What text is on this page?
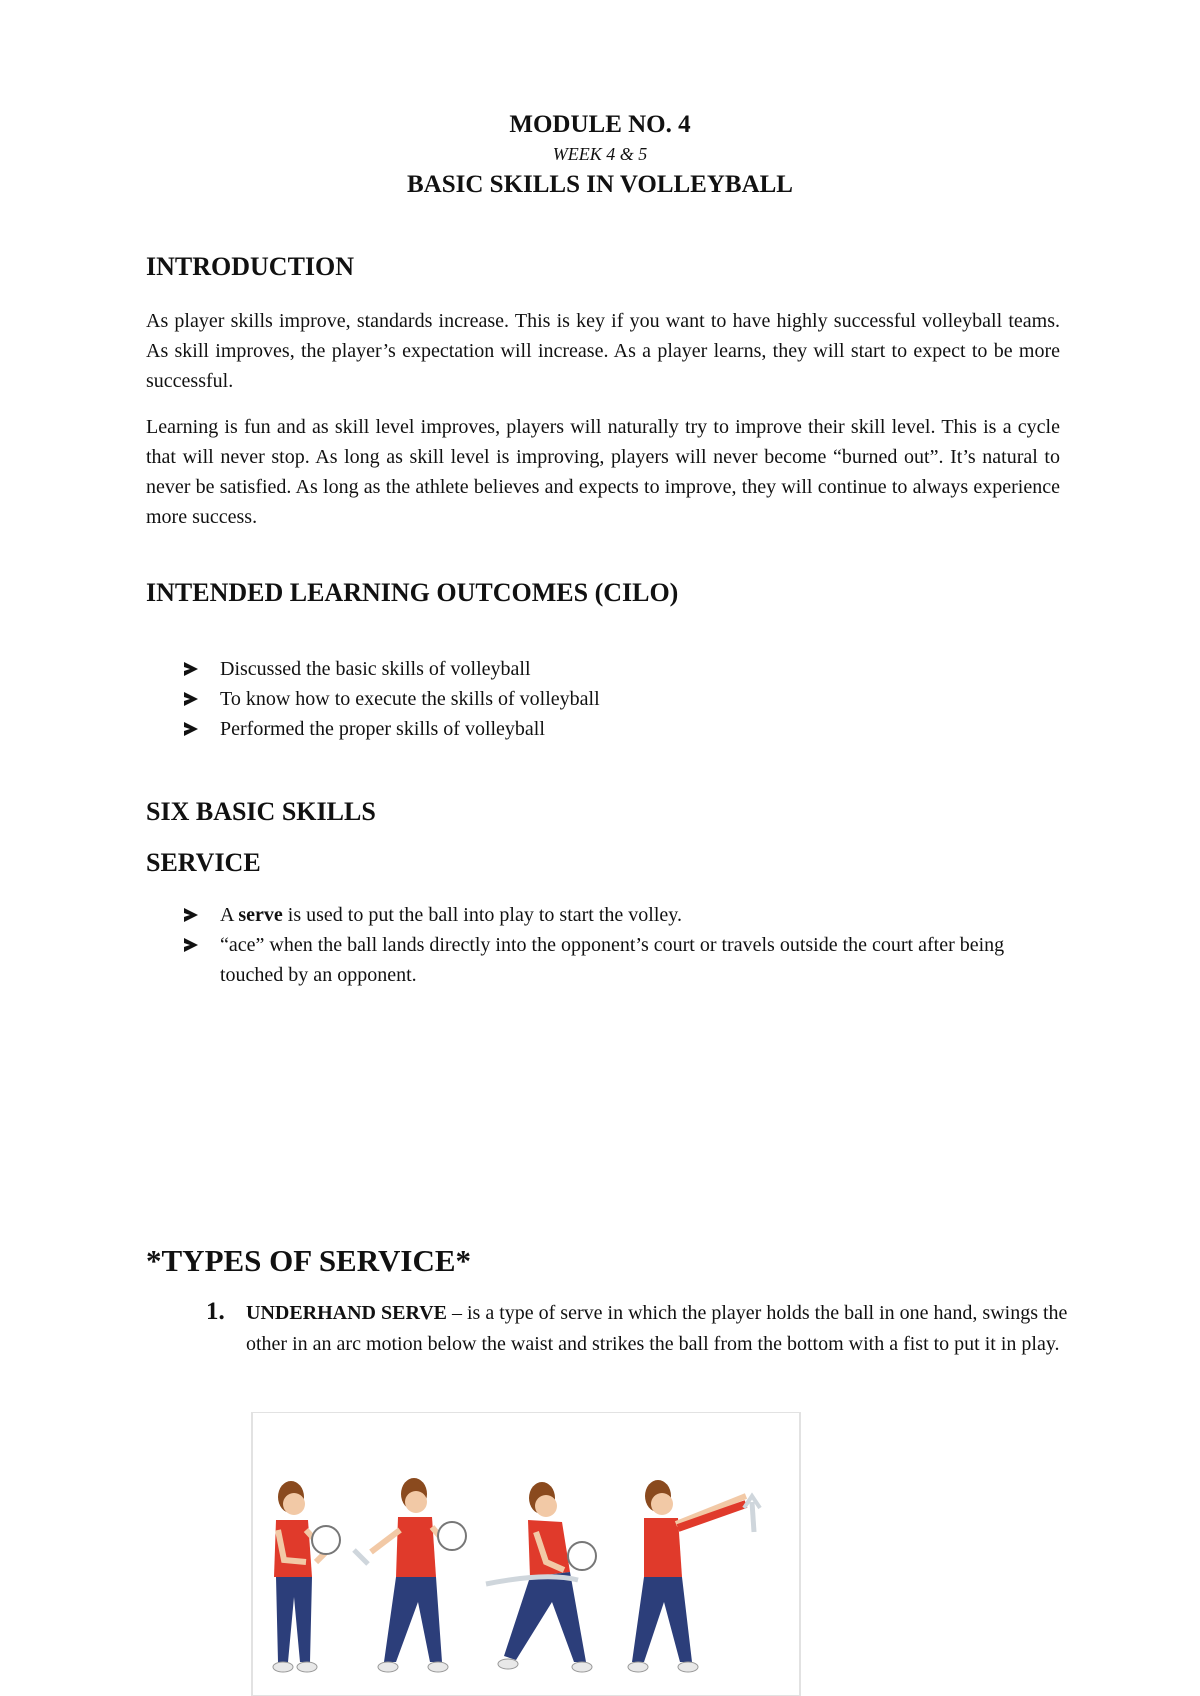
MODULE NO. 4
WEEK 4 & 5
BASIC SKILLS IN VOLLEYBALL
INTRODUCTION

As player skills improve, standards increase. This is key if you want to have highly successful volleyball teams. As skill improves, the player’s expectation will increase. As a player learns, they will start to expect to be more successful.

Learning is fun and as skill level improves, players will naturally try to improve their skill level. This is a cycle that will never stop. As long as skill level is improving, players will never become “burned out”. It’s natural to never be satisfied. As long as the athlete believes and expects to improve, they will continue to always experience more success.

INTENDED LEARNING OUTCOMES (CILO)
Discussed the basic skills of volleyball
To know how to execute the skills of volleyball
Performed the proper skills of volleyball
SIX BASIC SKILLS
SERVICE
A serve is used to put the ball into play to start the volley.
“ace” when the ball lands directly into the opponent’s court or travels outside the court after being touched by an opponent.
*TYPES OF SERVICE*
1. UNDERHAND SERVE – is a type of serve in which the player holds the ball in one hand, swings the other in an arc motion below the waist and strikes the ball from the bottom with a fist to put it in play.
